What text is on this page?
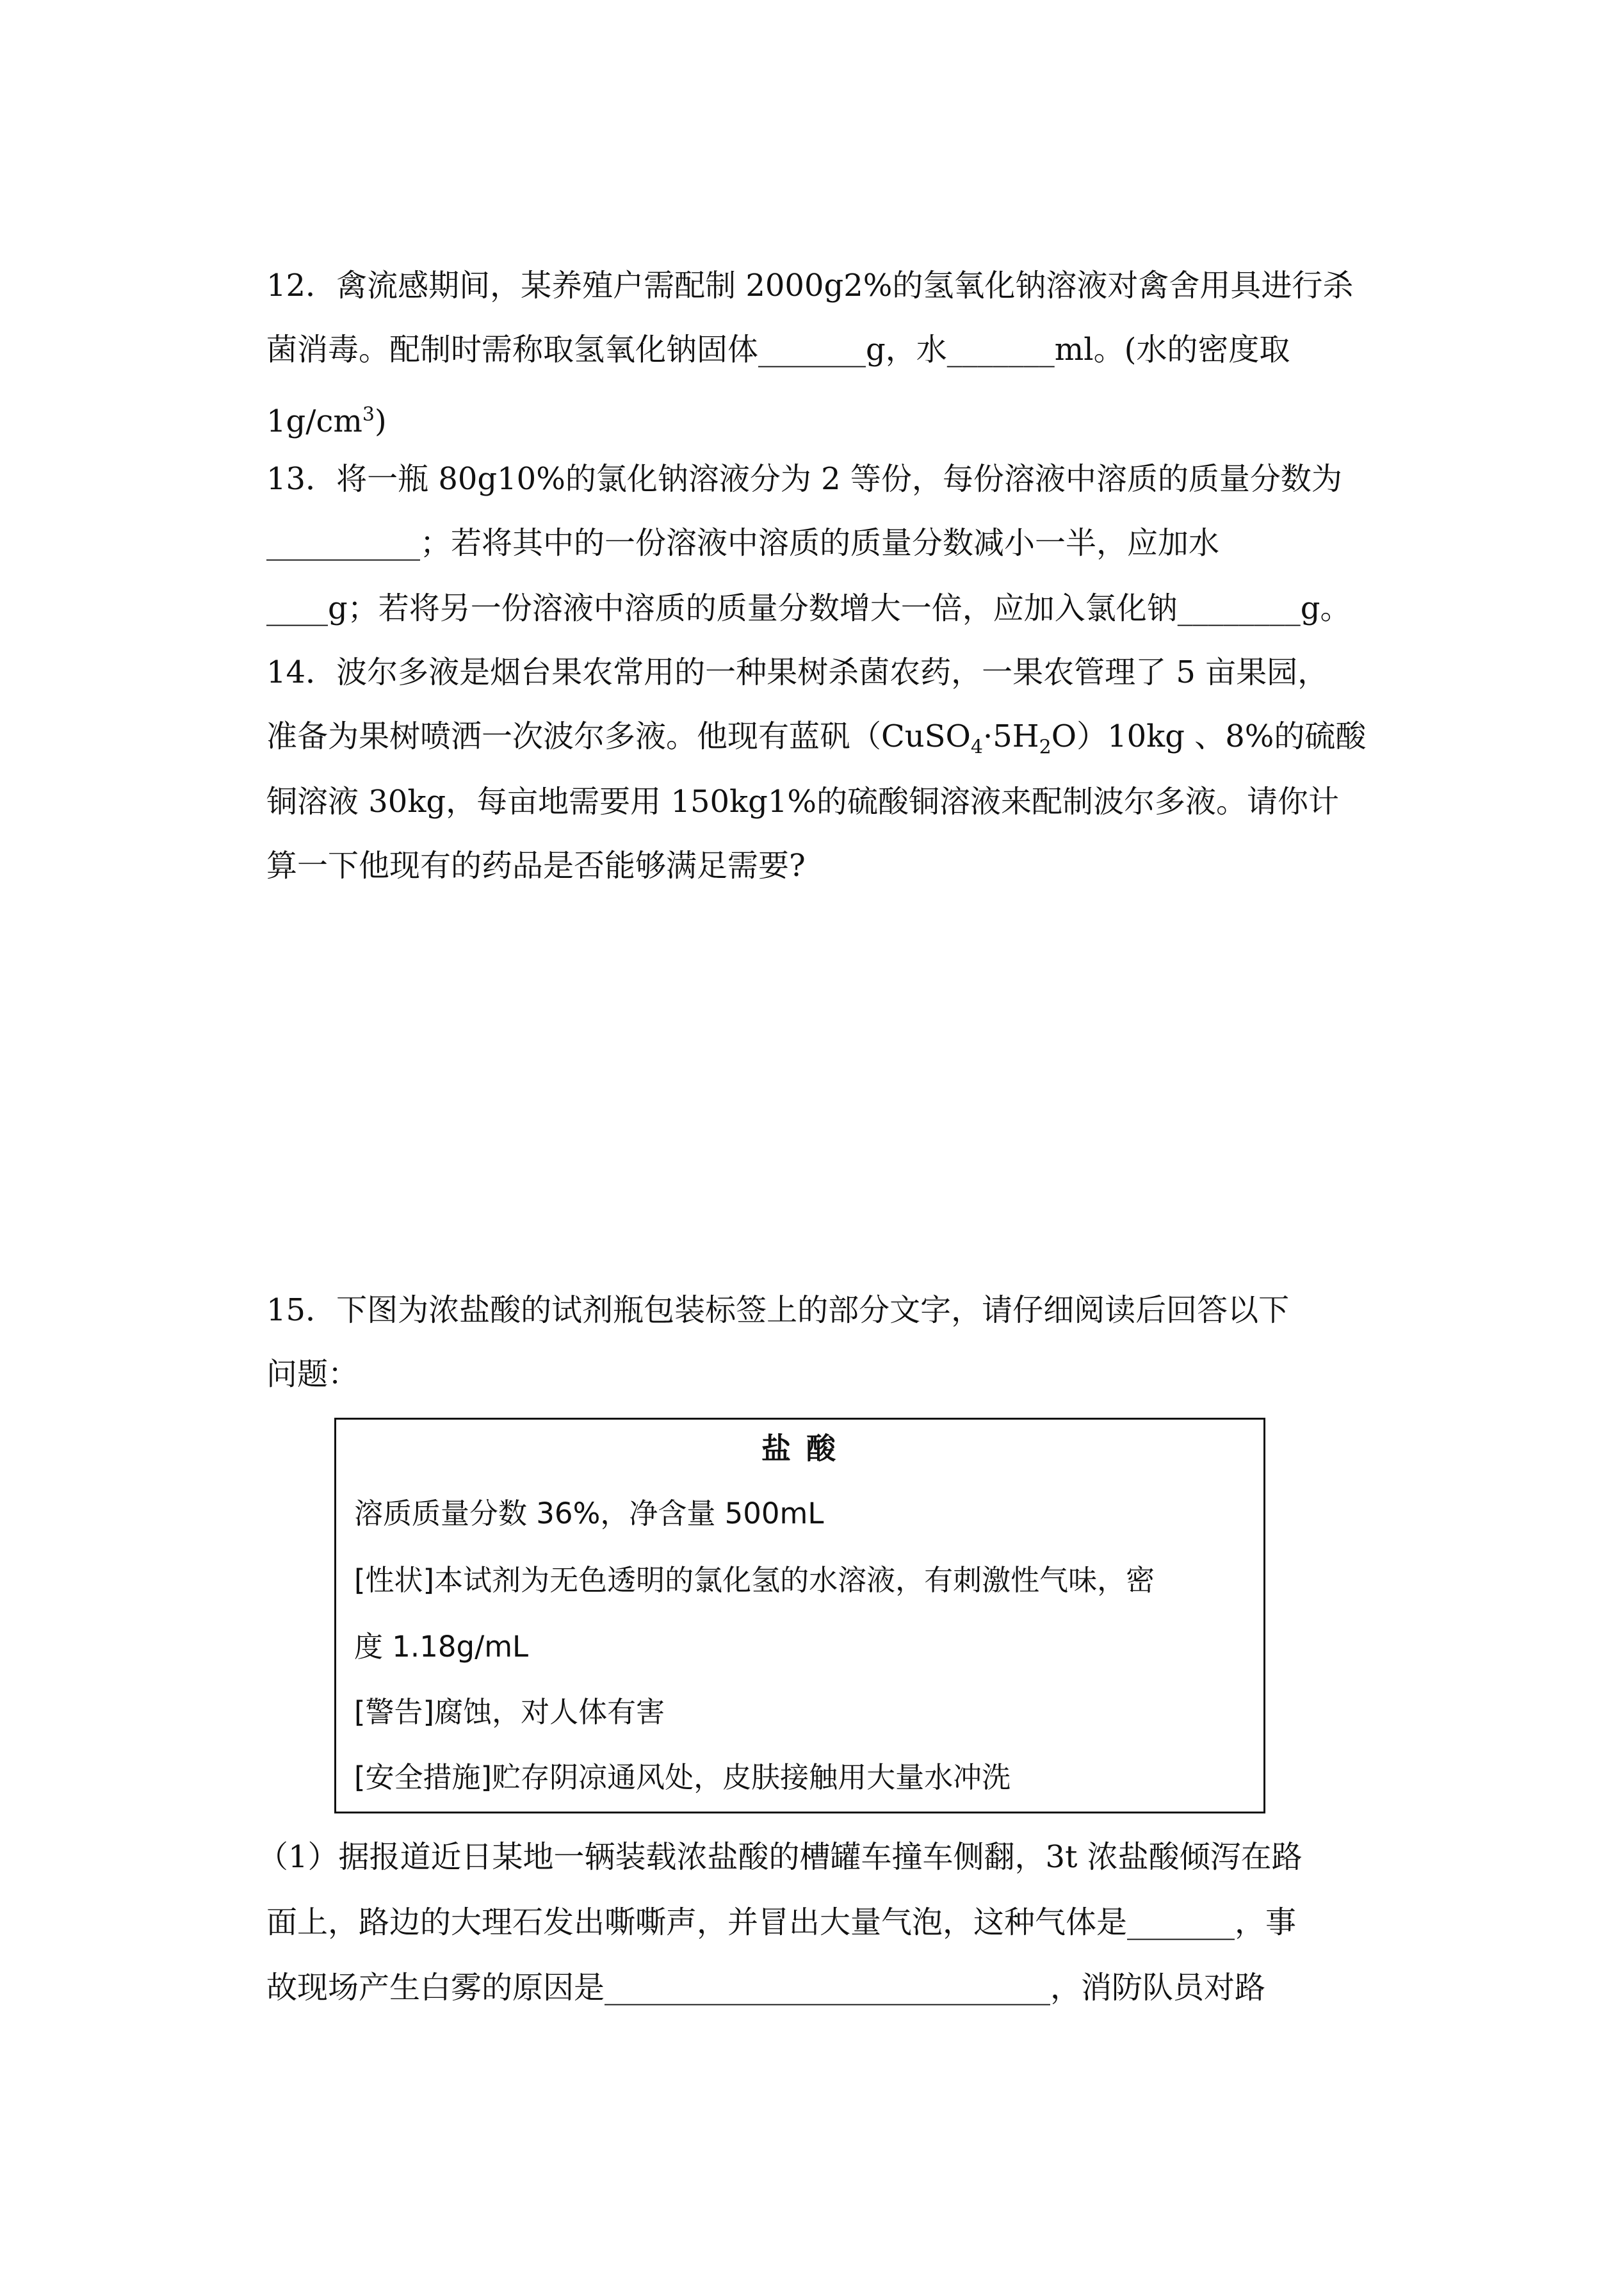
12．禽流感期间，某养殖户需配制 2000g2%的氢氧化钠溶液对禽舍用具进行杀
菌消毒。配制时需称取氢氧化钠固体_______g，水_______ml。(水的密度取
$1g/cm^3$)
13．将一瓶 80g10%的氯化钠溶液分为 2 等份，每份溶液中溶质的质量分数为
__________；若将其中的一份溶液中溶质的质量分数减小一半，应加水
____g；若将另一份溶液中溶质的质量分数增大一倍，应加入氯化钠________g。
14．波尔多液是烟台果农常用的一种果树杀菌农药，一果农管理了 5 亩果园，
准备为果树喷洒一次波尔多液。他现有蓝矾$(CuSO_4\cdot 5H_2O)10kg$ 、8%的硫酸
铜溶液 30kg，每亩地需要用 150kg1%的硫酸铜溶液来配制波尔多液。请你计
算一下他现有的药品是否能够满足需要?
15．下图为浓盐酸的试剂瓶包装标签上的部分文字，请仔细阅读后回答以下
问题：
盐 酸
溶质质量分数 36%，净含量 500mL
[性状]本试剂为无色透明的氯化氢的水溶液，有刺激性气味，密
度 1.18g/mL
[警告]腐蚀，对人体有害
[安全措施]贮存阴凉通风处，皮肤接触用大量水冲洗
（1）据报道近日某地一辆装载浓盐酸的槽罐车撞车侧翻，3t 浓盐酸倾泻在路
面上，路边的大理石发出嘶嘶声，并冒出大量气泡，这种气体是_______，事
故现场产生白雾的原因是_____________________________，消防队员对路
